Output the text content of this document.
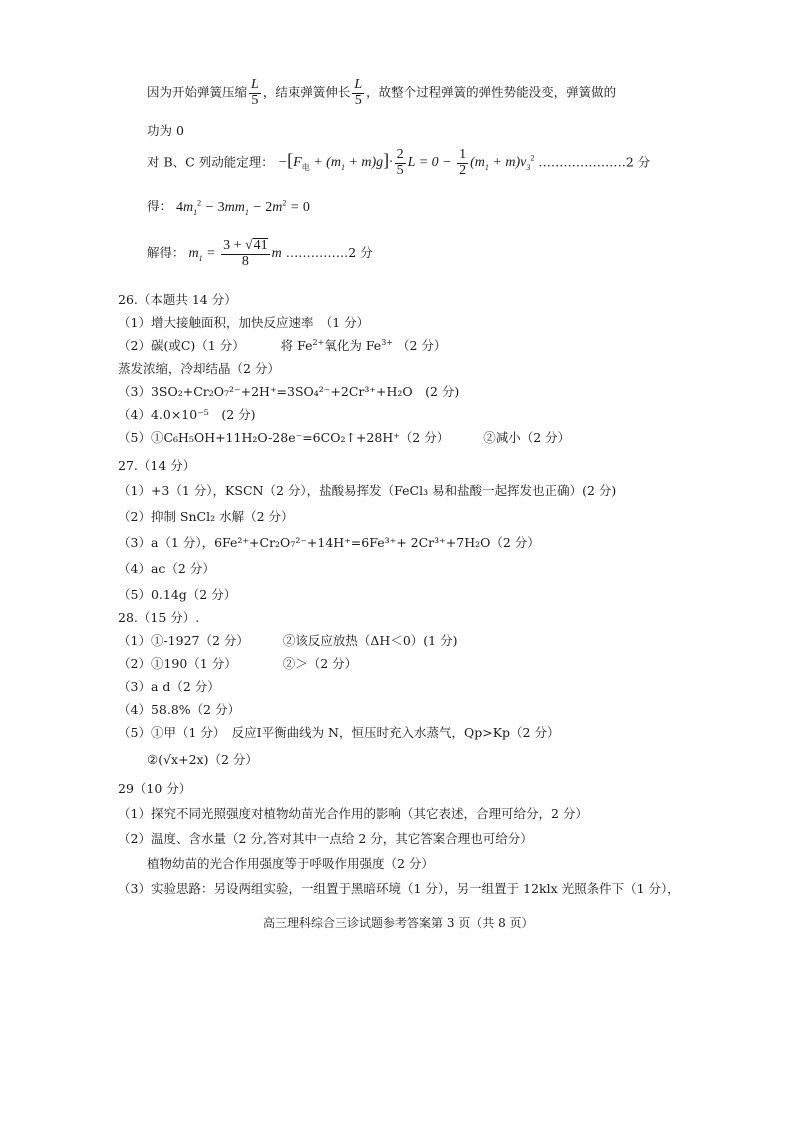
因为开始弹簧压缩 $\frac{L}{5}$ ，结束弹簧伸长 $\frac{L}{5}$ ，故整个过程弹簧的弹性势能没变，弹簧做的
功为 0
对 B、C 列动能定理： $-[F_电 + (m_1 + m)g]\cdot \frac{2}{5}$ $L = 0 - \frac{1}{2} (m_1 + m)v_3^2$ …………………2 分
得： $4m_1^2 - 3mm_1 - 2m^2 = 0$
解得： $m_1 = \frac{3 + √41}{8}$ m ……………2 分
26.（本题共 14 分）
（1）增大接触面积，加快反应速率　（1 分）
（2）碳(或C)（1 分）	将 $Fe^{2+}$氧化为 $Fe^{3+}$ （2 分）
蒸发浓缩，冷却结晶（2 分）
（3）3SO₂+Cr₂O₇²⁻+2H⁺=3SO₄²⁻+2Cr³⁺+H₂O　(2 分)
（4）4.0×10⁻⁵　(2 分)
（5）①C₆H₅OH+11H₂O-28e⁻=6CO₂↑+28H⁺（2 分）	②减小（2 分）
27.（14 分）
（1）+3（1 分），KSCN（2 分），盐酸易挥发（FeCl₃ 易和盐酸一起挥发也正确）(2 分)
（2）抑制 SnCl₂ 水解（2 分）
（3）a（1 分），6Fe²⁺+Cr₂O₇²⁻+14H⁺=6Fe³⁺+ 2Cr³⁺+7H₂O（2 分）
（4）ac（2 分）
（5）0.14g（2 分）
28.（15 分）.
（1）①-1927（2 分）	②该反应放热（ΔH＜0）(1 分)
（2）①190（1 分）	②＞（2 分）
（3）a d（2 分）
（4）58.8%（2 分）
（5）①甲（1 分）　反应Ⅰ平衡曲线为 N，恒压时充入水蒸气，Qp>Kp（2 分）
②(√x+2x)（2 分）
29（10 分）
（1）探究不同光照强度对植物幼苗光合作用的影响（其它表述，合理可给分，2 分）
（2）温度、含水量（2 分,答对其中一点给 2 分，其它答案合理也可给分）
植物幼苗的光合作用强度等于呼吸作用强度（2 分）
（3）实验思路：另设两组实验，一组置于黑暗环境（1 分），另一组置于 12klx 光照条件下（1 分），
高三理科综合三诊试题参考答案第 3 页（共 8 页）
